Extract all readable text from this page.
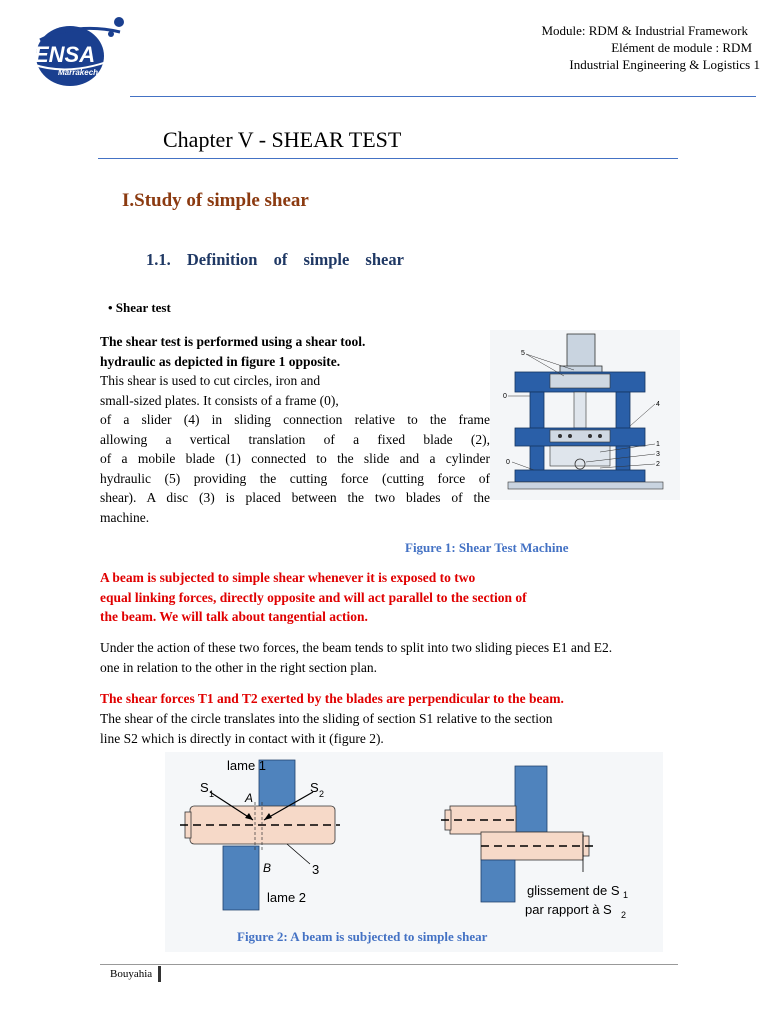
ENSA
Marrakech
Module: RDM & Industrial Framework
Elément de module : RDM
Industrial Engineering & Logistics 1
Chapter V - SHEAR TEST
I.Study of simple shear
1.1. Definition of simple shear
• Shear test
The shear test is performed using a shear tool.
hydraulic as depicted in figure 1 opposite.
This shear is used to cut circles, iron and
small-sized plates. It consists of a frame (0),
of a slider (4) in sliding connection relative to the frame
allowing a vertical translation of a fixed blade (2),
of a mobile blade (1) connected to the slide and a cylinder
hydraulic (5) providing the cutting force (cutting force of
shear). A disc (3) is placed between the two blades of the
machine.
5
0
0
4
1
3
2
Figure 1: Shear Test Machine
A beam is subjected to simple shear whenever it is exposed to two
equal linking forces, directly opposite and will act parallel to the section of
the beam. We will talk about tangential action.
Under the action of these two forces, the beam tends to split into two sliding pieces E1 and E2.
one in relation to the other in the right section plan.
The shear forces T1 and T2 exerted by the blades are perpendicular to the beam.
The shear of the circle translates into the sliding of section S1 relative to the section
line S2 which is directly in contact with it (figure 2).
lame 1
S 1	S 2
A
B	3
lame 2	glissement de S 1
par rapport à S 2
Figure 2: A beam is subjected to simple shear
Bouyahia
